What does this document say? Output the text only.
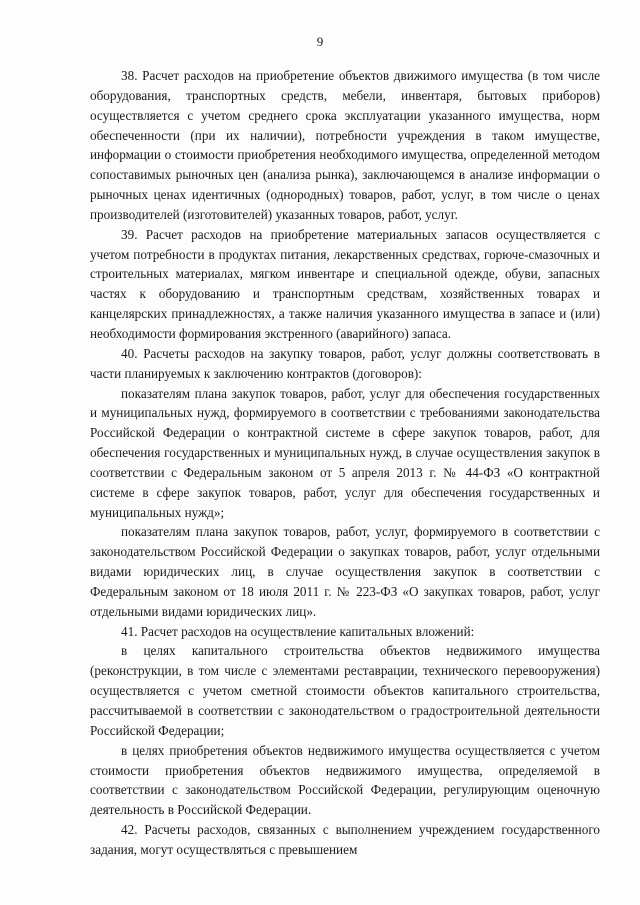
9

38. Расчет расходов на приобретение объектов движимого имущества (в том числе оборудования, транспортных средств, мебели, инвентаря, бытовых приборов) осуществляется с учетом среднего срока эксплуатации указанного имущества, норм обеспеченности (при их наличии), потребности учреждения в таком имуществе, информации о стоимости приобретения необходимого имущества, определенной методом сопоставимых рыночных цен (анализа рынка), заключающемся в анализе информации о рыночных ценах идентичных (однородных) товаров, работ, услуг, в том числе о ценах производителей (изготовителей) указанных товаров, работ, услуг.

39. Расчет расходов на приобретение материальных запасов осуществляется с учетом потребности в продуктах питания, лекарственных средствах, горюче-смазочных и строительных материалах, мягком инвентаре и специальной одежде, обуви, запасных частях к оборудованию и транспортным средствам, хозяйственных товарах и канцелярских принадлежностях, а также наличия указанного имущества в запасе и (или) необходимости формирования экстренного (аварийного) запаса.

40. Расчеты расходов на закупку товаров, работ, услуг должны соответствовать в части планируемых к заключению контрактов (договоров):

показателям плана закупок товаров, работ, услуг для обеспечения государственных и муниципальных нужд, формируемого в соответствии с требованиями законодательства Российской Федерации о контрактной системе в сфере закупок товаров, работ, для обеспечения государственных и муниципальных нужд, в случае осуществления закупок в соответствии с Федеральным законом от 5 апреля 2013 г. № 44-ФЗ «О контрактной системе в сфере закупок товаров, работ, услуг для обеспечения государственных и муниципальных нужд»;

показателям плана закупок товаров, работ, услуг, формируемого в соответствии с законодательством Российской Федерации о закупках товаров, работ, услуг отдельными видами юридических лиц, в случае осуществления закупок в соответствии с Федеральным законом от 18 июля 2011 г. № 223-ФЗ «О закупках товаров, работ, услуг отдельными видами юридических лиц».

41. Расчет расходов на осуществление капитальных вложений:

в целях капитального строительства объектов недвижимого имущества (реконструкции, в том числе с элементами реставрации, технического перевооружения) осуществляется с учетом сметной стоимости объектов капитального строительства, рассчитываемой в соответствии с законодательством о градостроительной деятельности Российской Федерации;

в целях приобретения объектов недвижимого имущества осуществляется с учетом стоимости приобретения объектов недвижимого имущества, определяемой в соответствии с законодательством Российской Федерации, регулирующим оценочную деятельность в Российской Федерации.

42. Расчеты расходов, связанных с выполнением учреждением государственного задания, могут осуществляться с превышением
